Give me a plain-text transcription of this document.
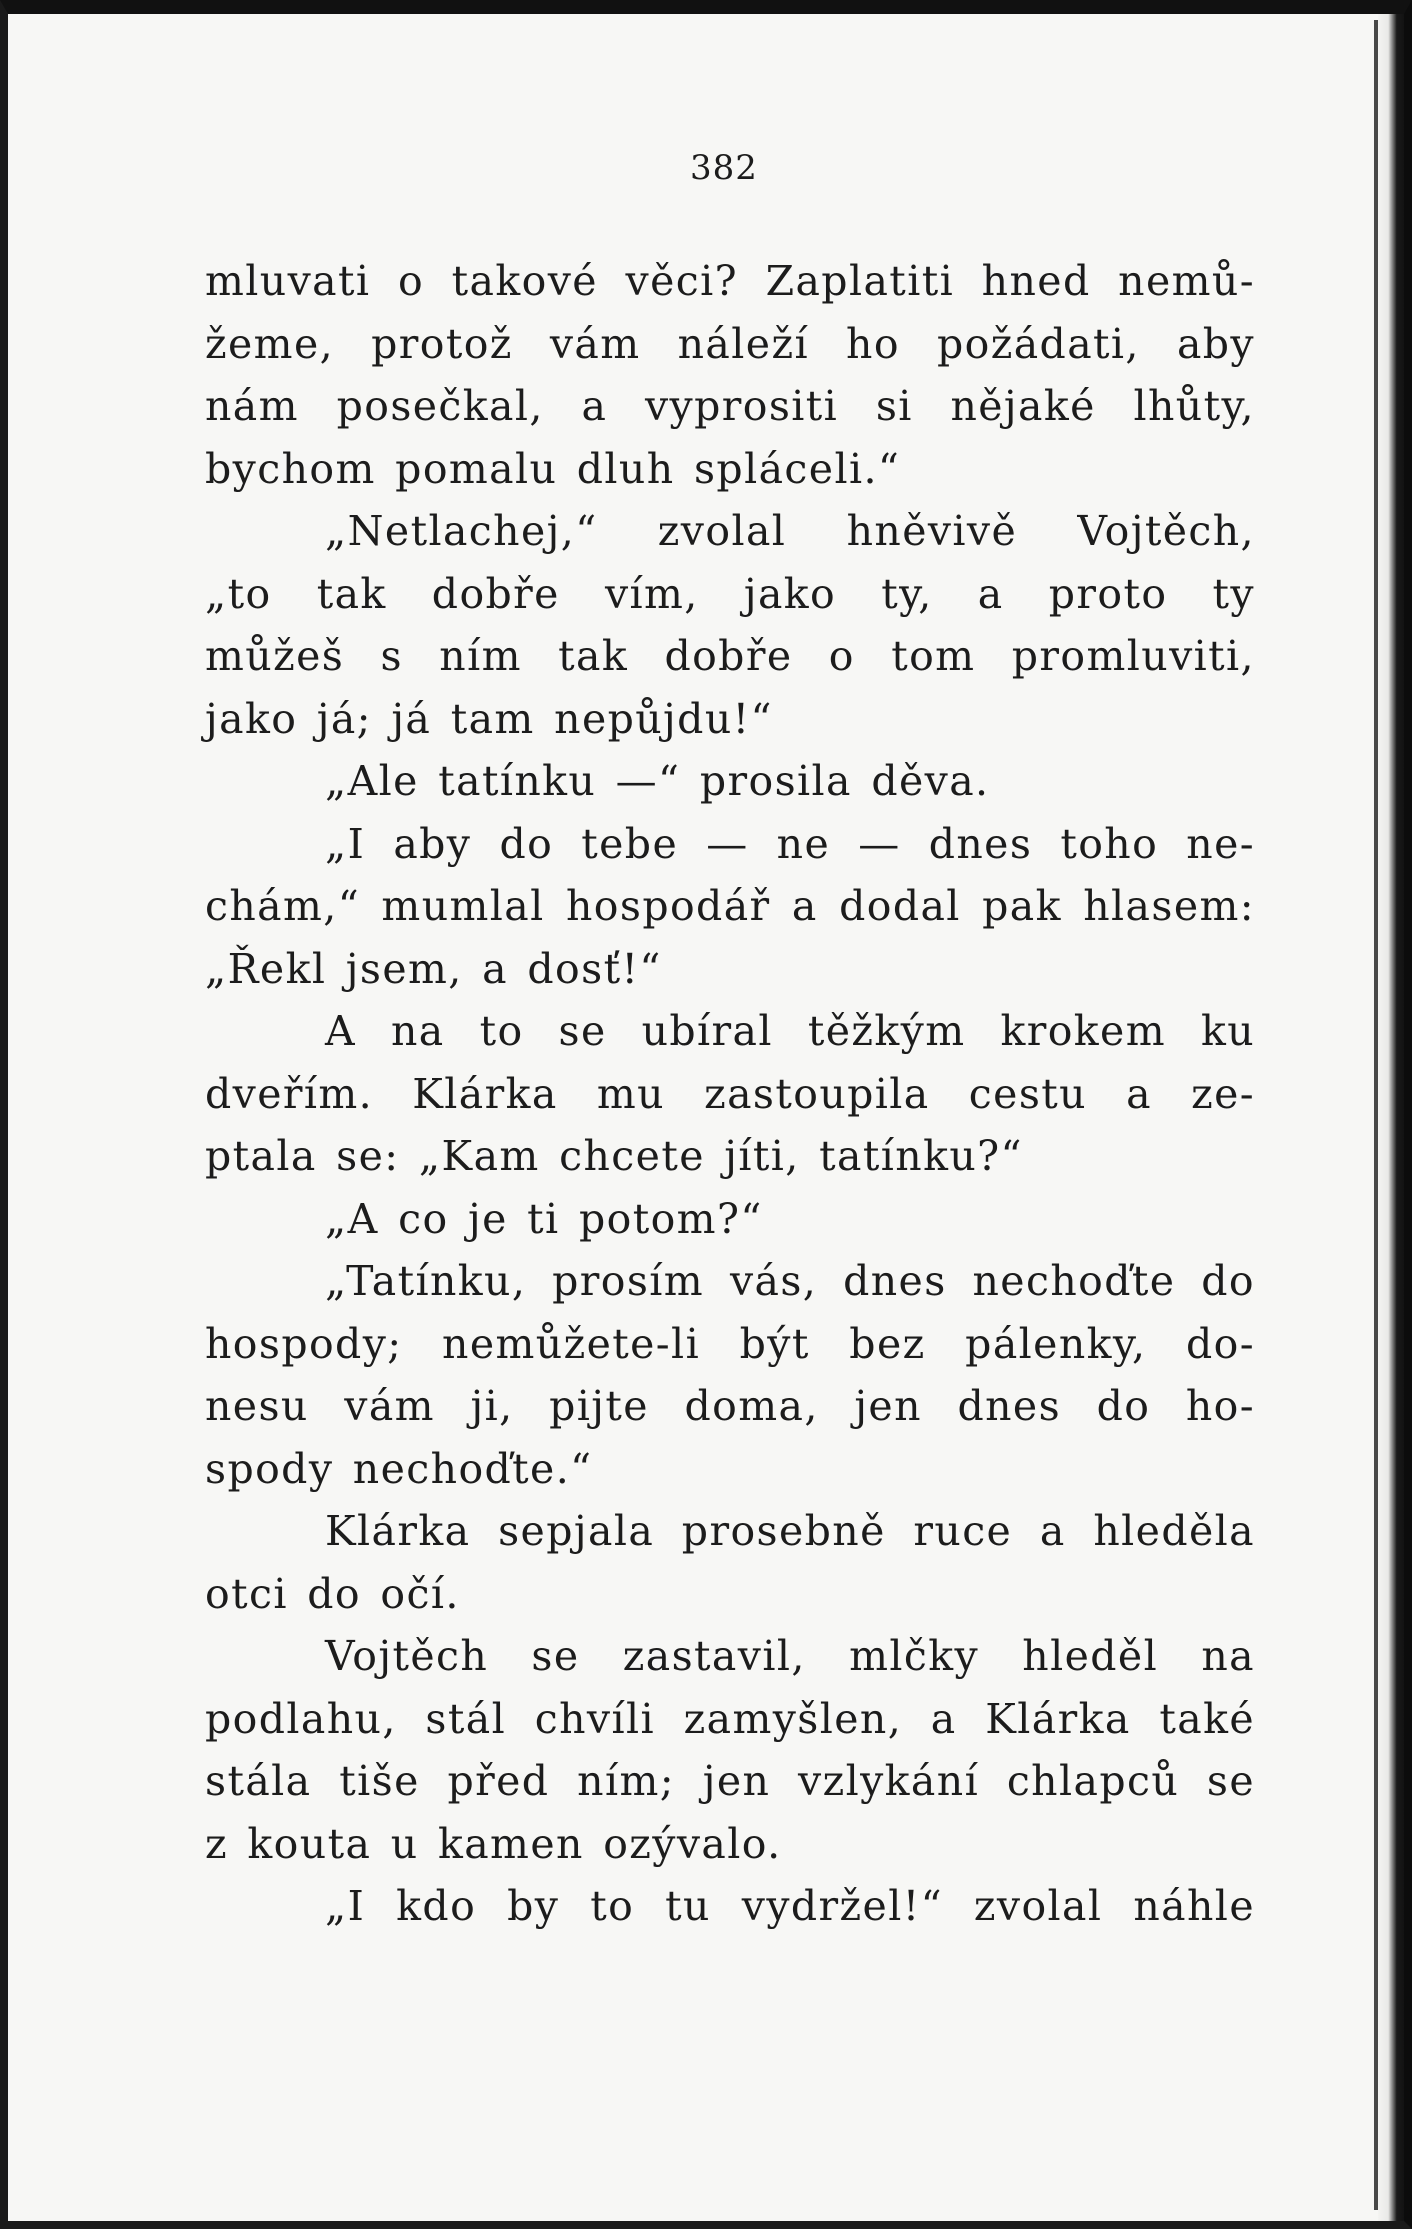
382

mluvati o takové věci? Zaplatiti hned nemů-
žeme, protož vám náleží ho požádati, aby
nám posečkal, a vyprositi si nějaké lhůty,
bychom pomalu dluh spláceli.“

„Netlachej,“ zvolal hněvivě Vojtěch,
„to tak dobře vím, jako ty, a proto ty
můžeš s ním tak dobře o tom promluviti,
jako já; já tam nepůjdu!“

„Ale tatínku —“ prosila děva.

„I aby do tebe — ne — dnes toho ne-
chám,“ mumlal hospodář a dodal pak hlasem:
„Řekl jsem, a dosť!“

A na to se ubíral těžkým krokem ku
dveřím. Klárka mu zastoupila cestu a ze-
ptala se: „Kam chcete jíti, tatínku?“

„A co je ti potom?“

„Tatínku, prosím vás, dnes nechoďte do
hospody; nemůžete-li být bez pálenky, do-
nesu vám ji, pijte doma, jen dnes do ho-
spody nechoďte.“

Klárka sepjala prosebně ruce a hleděla
otci do očí.

Vojtěch se zastavil, mlčky hleděl na
podlahu, stál chvíli zamyšlen, a Klárka také
stála tiše před ním; jen vzlykání chlapců se
z kouta u kamen ozývalo.

„I kdo by to tu vydržel!“ zvolal náhle
